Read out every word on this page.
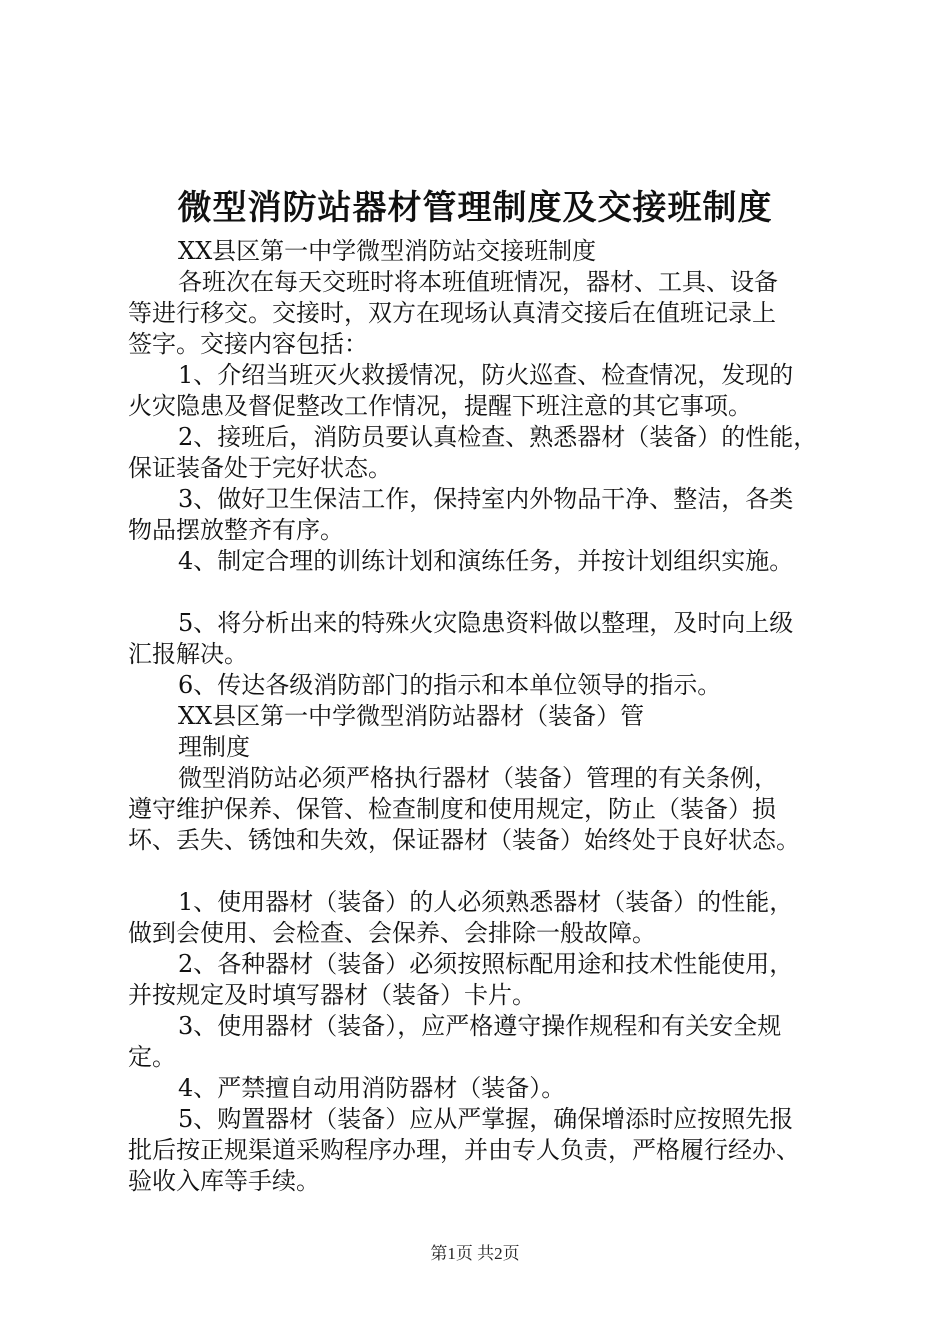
微型消防站器材管理制度及交接班制度
XX县区第一中学微型消防站交接班制度
各班次在每天交班时将本班值班情况，器材、工具、设备
等进行移交。交接时，双方在现场认真清交接后在值班记录上
签字。交接内容包括：
1、介绍当班灭火救援情况，防火巡查、检查情况，发现的
火灾隐患及督促整改工作情况，提醒下班注意的其它事项。
2、接班后，消防员要认真检查、熟悉器材（装备）的性能，
保证装备处于完好状态。
3、做好卫生保洁工作，保持室内外物品干净、整洁，各类
物品摆放整齐有序。
4、制定合理的训练计划和演练任务，并按计划组织实施。
5、将分析出来的特殊火灾隐患资料做以整理，及时向上级
汇报解决。
6、传达各级消防部门的指示和本单位领导的指示。
XX县区第一中学微型消防站器材（装备）管
理制度
微型消防站必须严格执行器材（装备）管理的有关条例，
遵守维护保养、保管、检查制度和使用规定，防止（装备）损
坏、丢失、锈蚀和失效，保证器材（装备）始终处于良好状态。
1、使用器材（装备）的人必须熟悉器材（装备）的性能，
做到会使用、会检查、会保养、会排除一般故障。
2、各种器材（装备）必须按照标配用途和技术性能使用，
并按规定及时填写器材（装备）卡片。
3、使用器材（装备），应严格遵守操作规程和有关安全规
定。
4、严禁擅自动用消防器材（装备）。
5、购置器材（装备）应从严掌握，确保增添时应按照先报
批后按正规渠道采购程序办理，并由专人负责，严格履行经办、
验收入库等手续。
第1页 共2页
